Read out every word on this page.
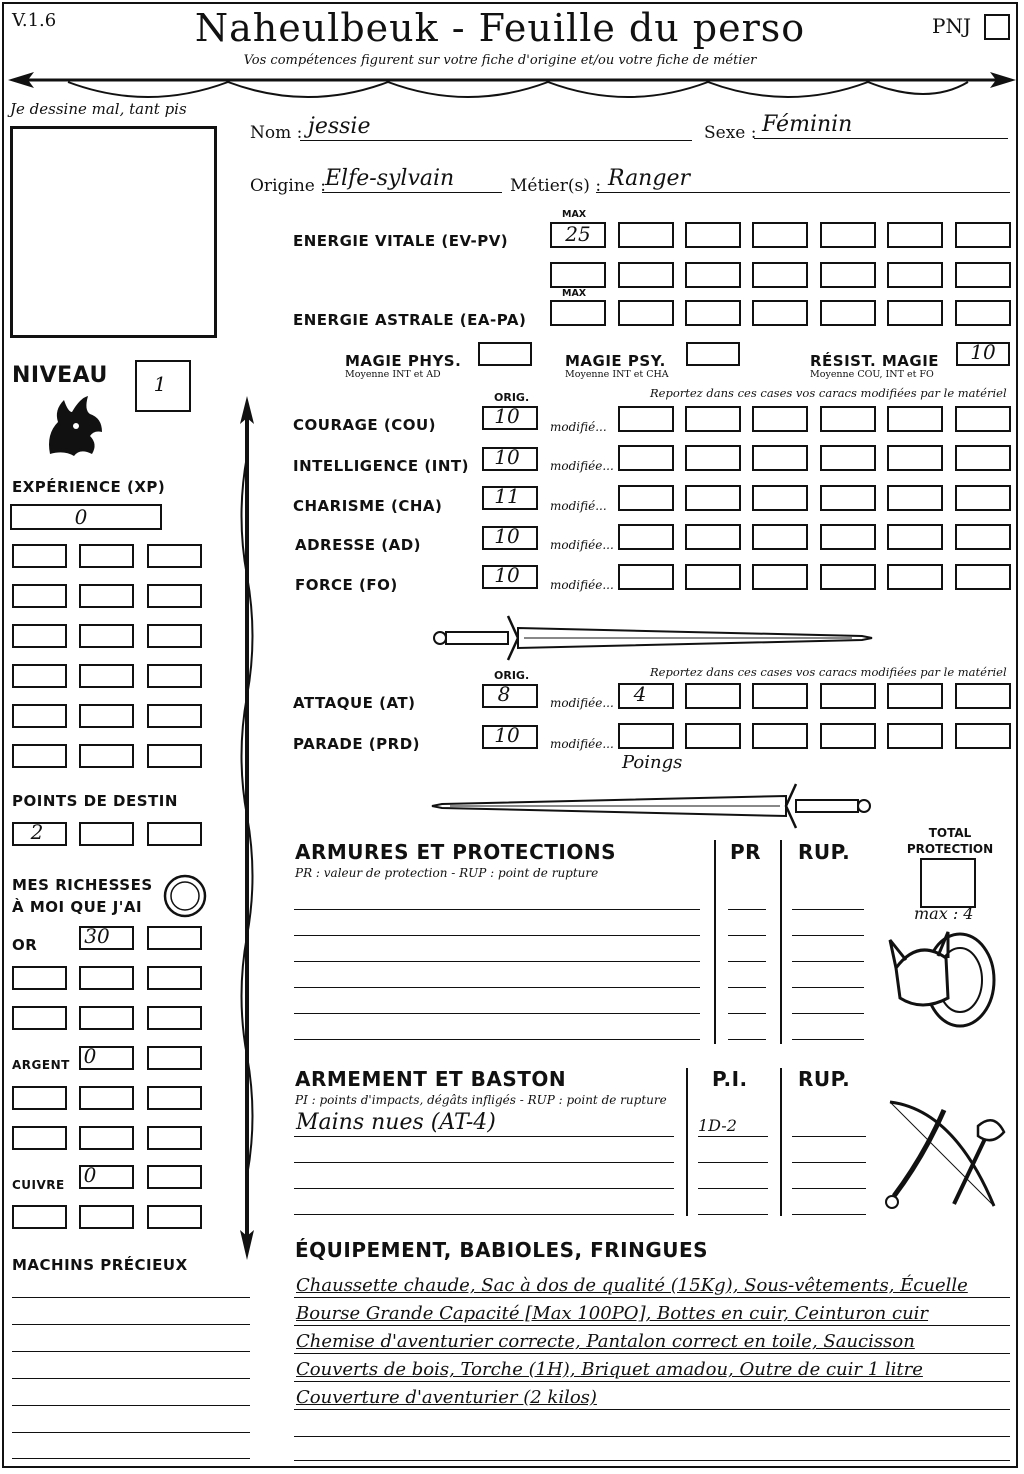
V.1.6	Naheulbeuk - Feuille du perso
Vos compétences figurent sur votre fiche d'origine et/ou votre fiche de métier
PNJ
Je dessine mal, tant pis
Nom : jessie	Sexe : Féminin
Origine : Elfe-sylvain	Métier(s) : Ranger
MAX
ENERGIE VITALE (EV-PV)	25
MAX
ENERGIE ASTRALE (EA-PA)
MAGIE PHYS.
Moyenne INT et AD
MAGIE PSY.
Moyenne INT et CHA
RÉSIST. MAGIE
Moyenne COU, INT et FO
10
NIVEAU	1
EXPÉRIENCE (XP)
0
POINTS DE DESTIN
2
MES RICHESSES
À MOI QUE J'AI
OR 30
ARGENT 0
CUIVRE 0
MACHINS PRÉCIEUX
ORIG.	Reportez dans ces cases vos caracs modifiées par le matériel
COURAGE (COU)	10	modifié...
INTELLIGENCE (INT)	10	modifiée...
CHARISME (CHA)	11	modifié...
ADRESSE (AD)	10	modifiée...
FORCE (FO)	10	modifiée...
ORIG.	Reportez dans ces cases vos caracs modifiées par le matériel
ATTAQUE (AT)	8	modifiée... 4
PARADE (PRD)	10	modifiée...
Poings
ARMURES ET PROTECTIONS
PR : valeur de protection - RUP : point de rupture
PR RUP.
TOTAL
PROTECTION
max : 4
ARMEMENT ET BASTON
PI : points d'impacts, dégâts infligés - RUP : point de rupture
P.I.	RUP.
Mains nues (AT-4)	1D-2
ÉQUIPEMENT, BABIOLES, FRINGUES
Chaussette chaude, Sac à dos de qualité (15Kg), Sous-vêtements, Écuelle
Bourse Grande Capacité [Max 100PO], Bottes en cuir, Ceinturon cuir
Chemise d'aventurier correcte, Pantalon correct en toile, Saucisson
Couverts de bois, Torche (1H), Briquet amadou, Outre de cuir 1 litre
Couverture d'aventurier (2 kilos)
